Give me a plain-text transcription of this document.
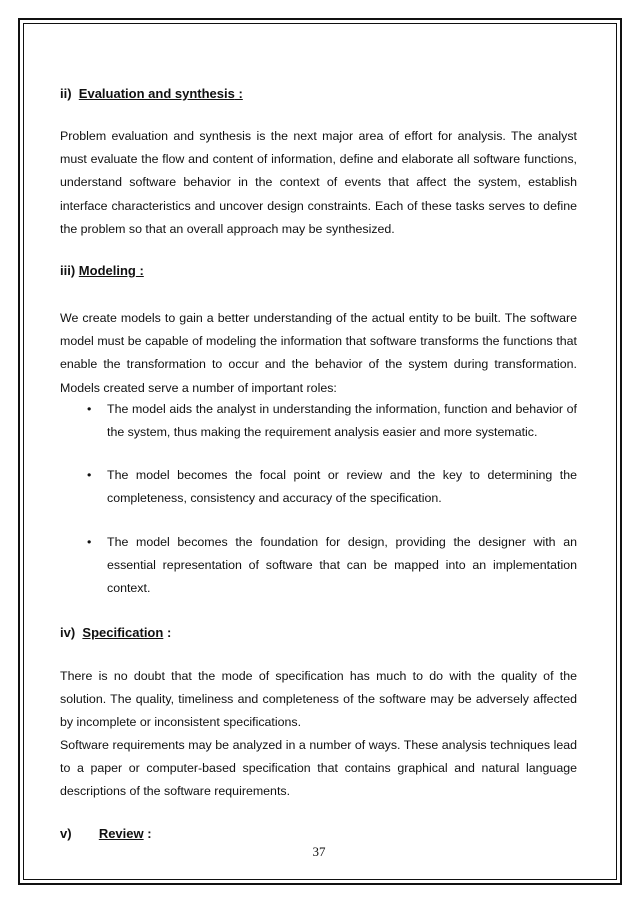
ii) Evaluation and synthesis :

Problem evaluation and synthesis is the next major area of effort for analysis. The analyst must evaluate the flow and content of information, define and elaborate all software functions, understand software behavior in the context of events that affect the system, establish interface characteristics and uncover design constraints. Each of these tasks serves to define the problem so that an overall approach may be synthesized.

iii) Modeling :

We create models to gain a better understanding of the actual entity to be built. The software model must be capable of modeling the information that software transforms the functions that enable the transformation to occur and the behavior of the system during transformation. Models created serve a number of important roles:

• The model aids the analyst in understanding the information, function and behavior of the system, thus making the requirement analysis easier and more systematic.
• The model becomes the focal point or review and the key to determining the completeness, consistency and accuracy of the specification.
• The model becomes the foundation for design, providing the designer with an essential representation of software that can be mapped into an implementation context.
iv) Specification :

There is no doubt that the mode of specification has much to do with the quality of the solution. The quality, timeliness and completeness of the software may be adversely affected by incomplete or inconsistent specifications.

Software requirements may be analyzed in a number of ways. These analysis techniques lead to a paper or computer-based specification that contains graphical and natural language descriptions of the software requirements.

v) Review :
37
